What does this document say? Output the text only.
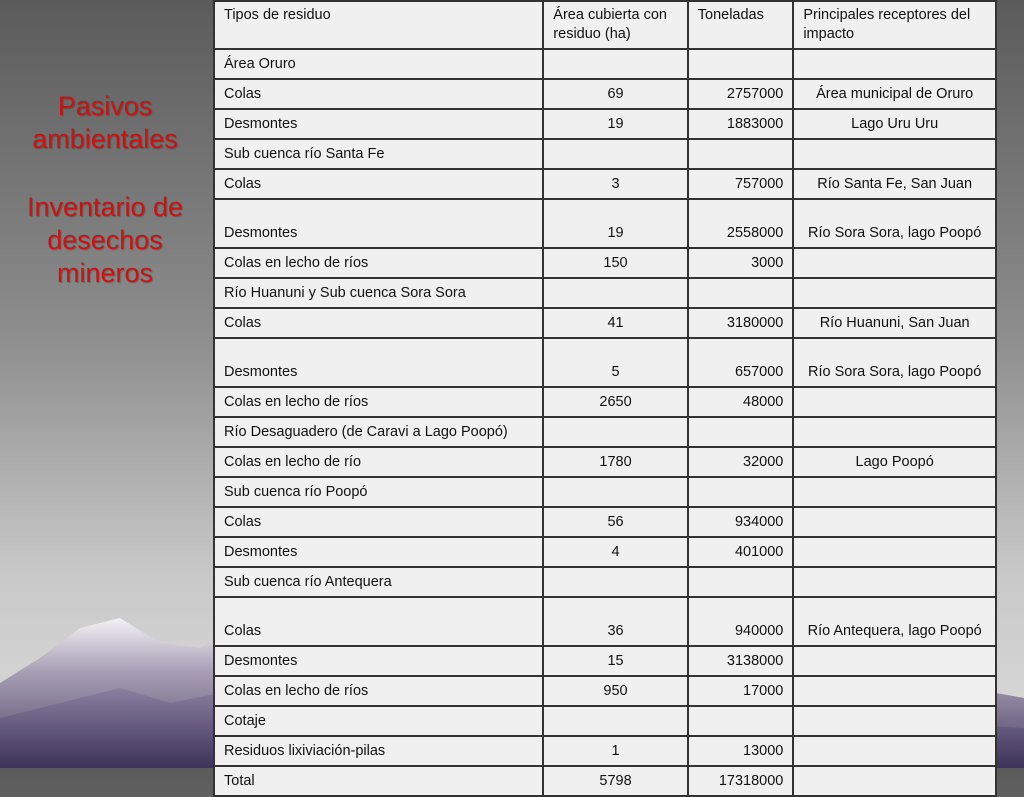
Pasivos
ambientales
Inventario de
desechos
mineros
Tipos de residuo	Área cubierta con residuo (ha)	Toneladas	Principales receptores del impacto
Área Oruro			
Colas	69	2757000	Área municipal de Oruro
Desmontes	19	1883000	Lago Uru Uru
Sub cuenca río Santa Fe			
Colas	3	757000	Río Santa Fe, San Juan
Desmontes	19	2558000	Río Sora Sora, lago Poopó
Colas en lecho de ríos	150	3000	
Río Huanuni y Sub cuenca Sora Sora			
Colas	41	3180000	Río Huanuni, San Juan
Desmontes	5	657000	Río Sora Sora, lago Poopó
Colas en lecho de ríos	2650	48000	
Río Desaguadero (de Caravi a Lago Poopó)			
Colas en lecho de río	1780	32000	Lago Poopó
Sub cuenca río Poopó			
Colas	56	934000	
Desmontes	4	401000	
Sub cuenca río Antequera			
Colas	36	940000	Río Antequera, lago Poopó
Desmontes	15	3138000	
Colas en lecho de ríos	950	17000	
Cotaje			
Residuos lixiviación-pilas	1	13000	
Total	5798	17318000	
